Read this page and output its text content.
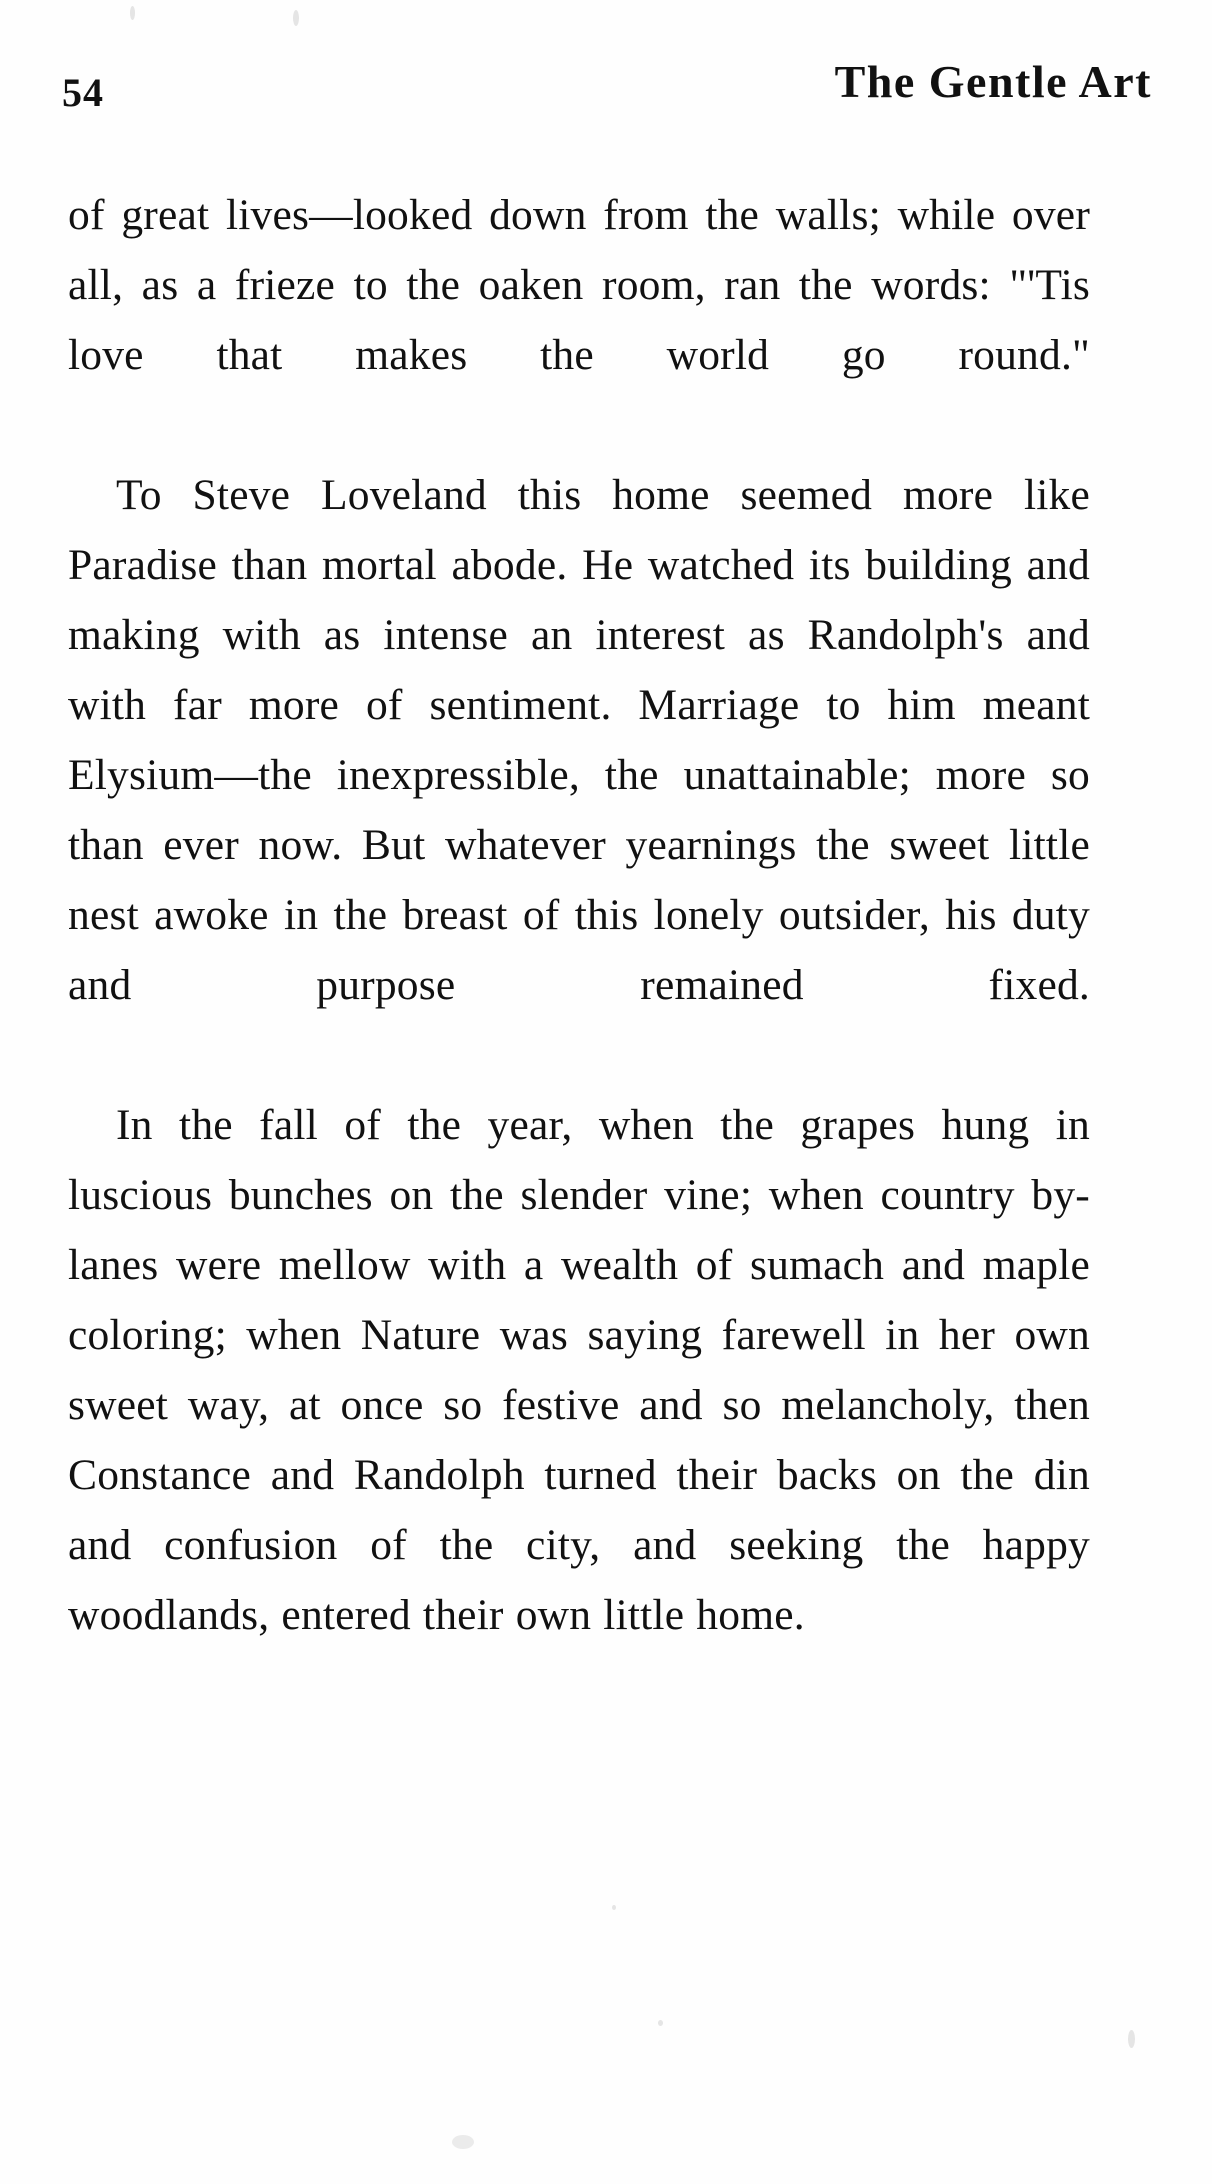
54	The Gentle Art

of great lives—looked down from the walls; while over all, as a frieze to the oaken room, ran the words: "'Tis love that makes the world go round."

To Steve Loveland this home seemed more like Paradise than mortal abode. He watched its building and making with as intense an interest as Randolph's and with far more of sentiment. Marriage to him meant Elysium—the inexpressible, the unattainable; more so than ever now. But whatever yearnings the sweet little nest awoke in the breast of this lonely outsider, his duty and purpose remained fixed.

In the fall of the year, when the grapes hung in luscious bunches on the slender vine; when country by-lanes were mellow with a wealth of sumach and maple coloring; when Nature was saying farewell in her own sweet way, at once so festive and so melancholy, then Constance and Randolph turned their backs on the din and confusion of the city, and seeking the happy woodlands, entered their own little home.
